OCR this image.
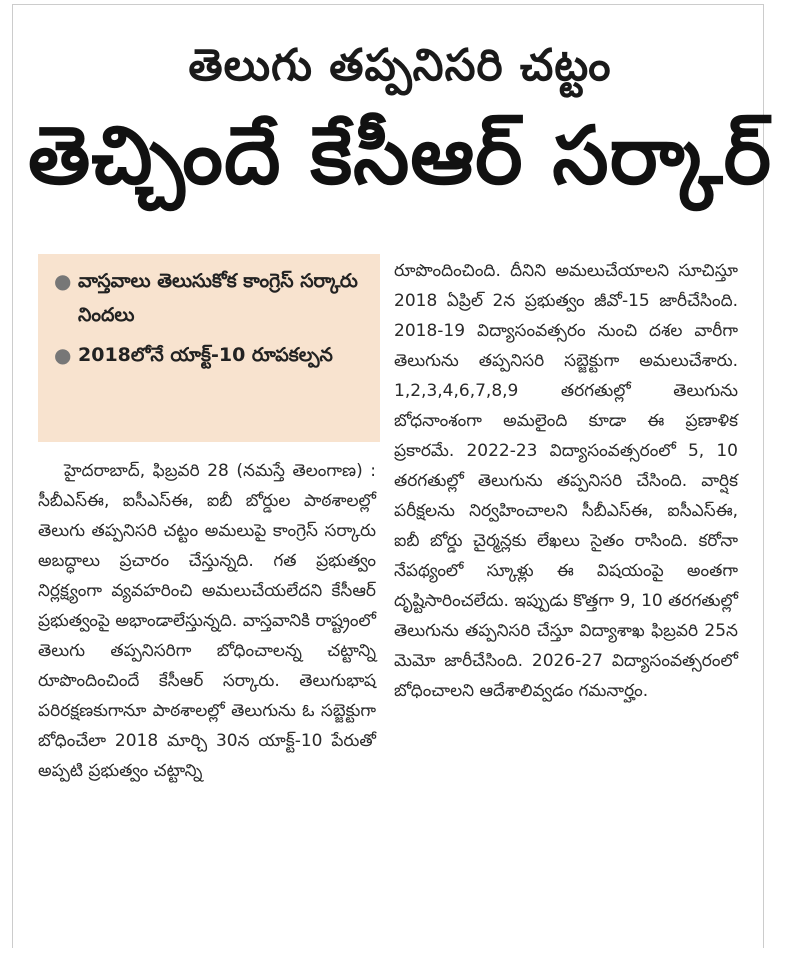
తెలుగు తప్పనిసరి చట్టం
తెచ్చిందే కేసీఆర్ సర్కార్
● వాస్తవాలు తెలుసుకోక కాంగ్రెస్ సర్కారు నిందలు
● 2018లోనే యాక్ట్-10 రూపకల్పన

హైదరాబాద్, ఫిబ్రవరి 28 (నమస్తే తెలంగాణ) : సీబీఎస్ఈ, ఐసీఎస్ఈ, ఐబీ బోర్డుల పాఠశాలల్లో తెలుగు తప్పనిసరి చట్టం అమలుపై కాంగ్రెస్ సర్కారు అబద్ధాలు ప్రచారం చేస్తున్నది. గత ప్రభుత్వం నిర్లక్ష్యంగా వ్యవహరించి అమలుచేయలేదని కేసీఆర్ ప్రభుత్వంపై అభాండాలేస్తున్నది. వాస్తవానికి రాష్ట్రంలో తెలుగు తప్పనిసరిగా బోధించాలన్న చట్టాన్ని రూపొందించిందే కేసీఆర్ సర్కారు. తెలుగుభాష పరిరక్షణకుగానూ పాఠశాలల్లో తెలుగును ఓ సబ్జెక్టుగా బోధించేలా 2018 మార్చి 30న యాక్ట్-10 పేరుతో అప్పటి ప్రభుత్వం చట్టాన్ని

రూపొందించింది. దీనిని అమలుచేయాలని సూచిస్తూ 2018 ఏప్రిల్ 2న ప్రభుత్వం జీవో-15 జారీచేసింది. 2018-19 విద్యాసంవత్సరం నుంచి దశల వారీగా తెలుగును తప్పనిసరి సబ్జెక్టుగా అమలుచేశారు. 1,2,3,4,6,7,8,9 తరగతుల్లో తెలుగును బోధనాంశంగా అమలైంది కూడా ఈ ప్రణాళిక ప్రకారమే. 2022-23 విద్యాసంవత్సరంలో 5, 10 తరగతుల్లో తెలుగును తప్పనిసరి చేసింది. వార్షిక పరీక్షలను నిర్వహించాలని సీబీఎస్ఈ, ఐసీఎస్ఈ, ఐబీ బోర్డు చైర్మన్లకు లేఖలు సైతం రాసింది. కరోనా నేపథ్యంలో స్కూళ్లు ఈ విషయంపై అంతగా దృష్టిసారించలేదు. ఇప్పుడు కొత్తగా 9, 10 తరగతుల్లో తెలుగును తప్పనిసరి చేస్తూ విద్యాశాఖ ఫిబ్రవరి 25న మెమో జారీచేసింది. 2026-27 విద్యాసంవత్సరంలో బోధించాలని ఆదేశాలివ్వడం గమనార్హం.
